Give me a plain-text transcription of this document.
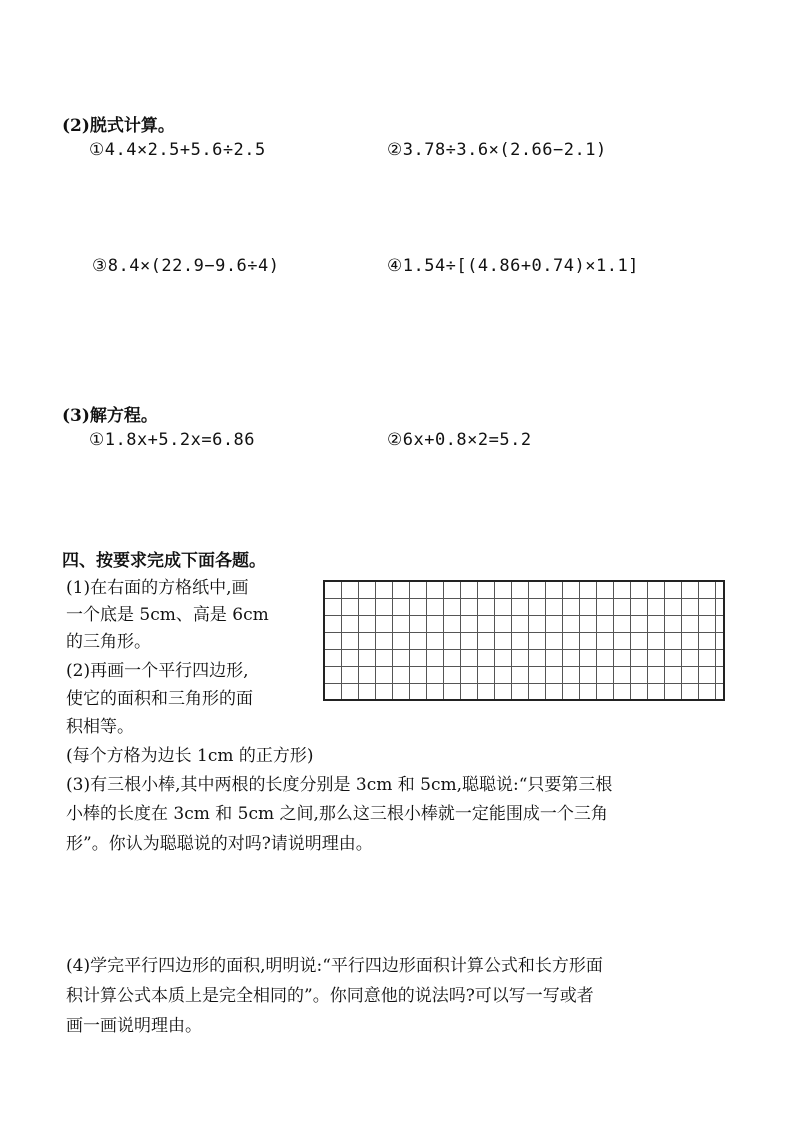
(2)脱式计算。
①4.4×2.5+5.6÷2.5	②3.78÷3.6×(2.66−2.1)
③8.4×(22.9−9.6÷4)	④1.54÷[(4.86+0.74)×1.1]
(3)解方程。
①1.8x+5.2x=6.86	②6x+0.8×2=5.2
四、按要求完成下面各题。
(1)在右面的方格纸中,画
一个底是 5cm、高是 6cm
的三角形。
(2)再画一个平行四边形,
使它的面积和三角形的面
积相等。
(每个方格为边长 1cm 的正方形)
(3)有三根小棒,其中两根的长度分别是 3cm 和 5cm,聪聪说:“只要第三根
小棒的长度在 3cm 和 5cm 之间,那么这三根小棒就一定能围成一个三角
形”。你认为聪聪说的对吗?请说明理由。
(4)学完平行四边形的面积,明明说:“平行四边形面积计算公式和长方形面
积计算公式本质上是完全相同的”。你同意他的说法吗?可以写一写或者
画一画说明理由。
